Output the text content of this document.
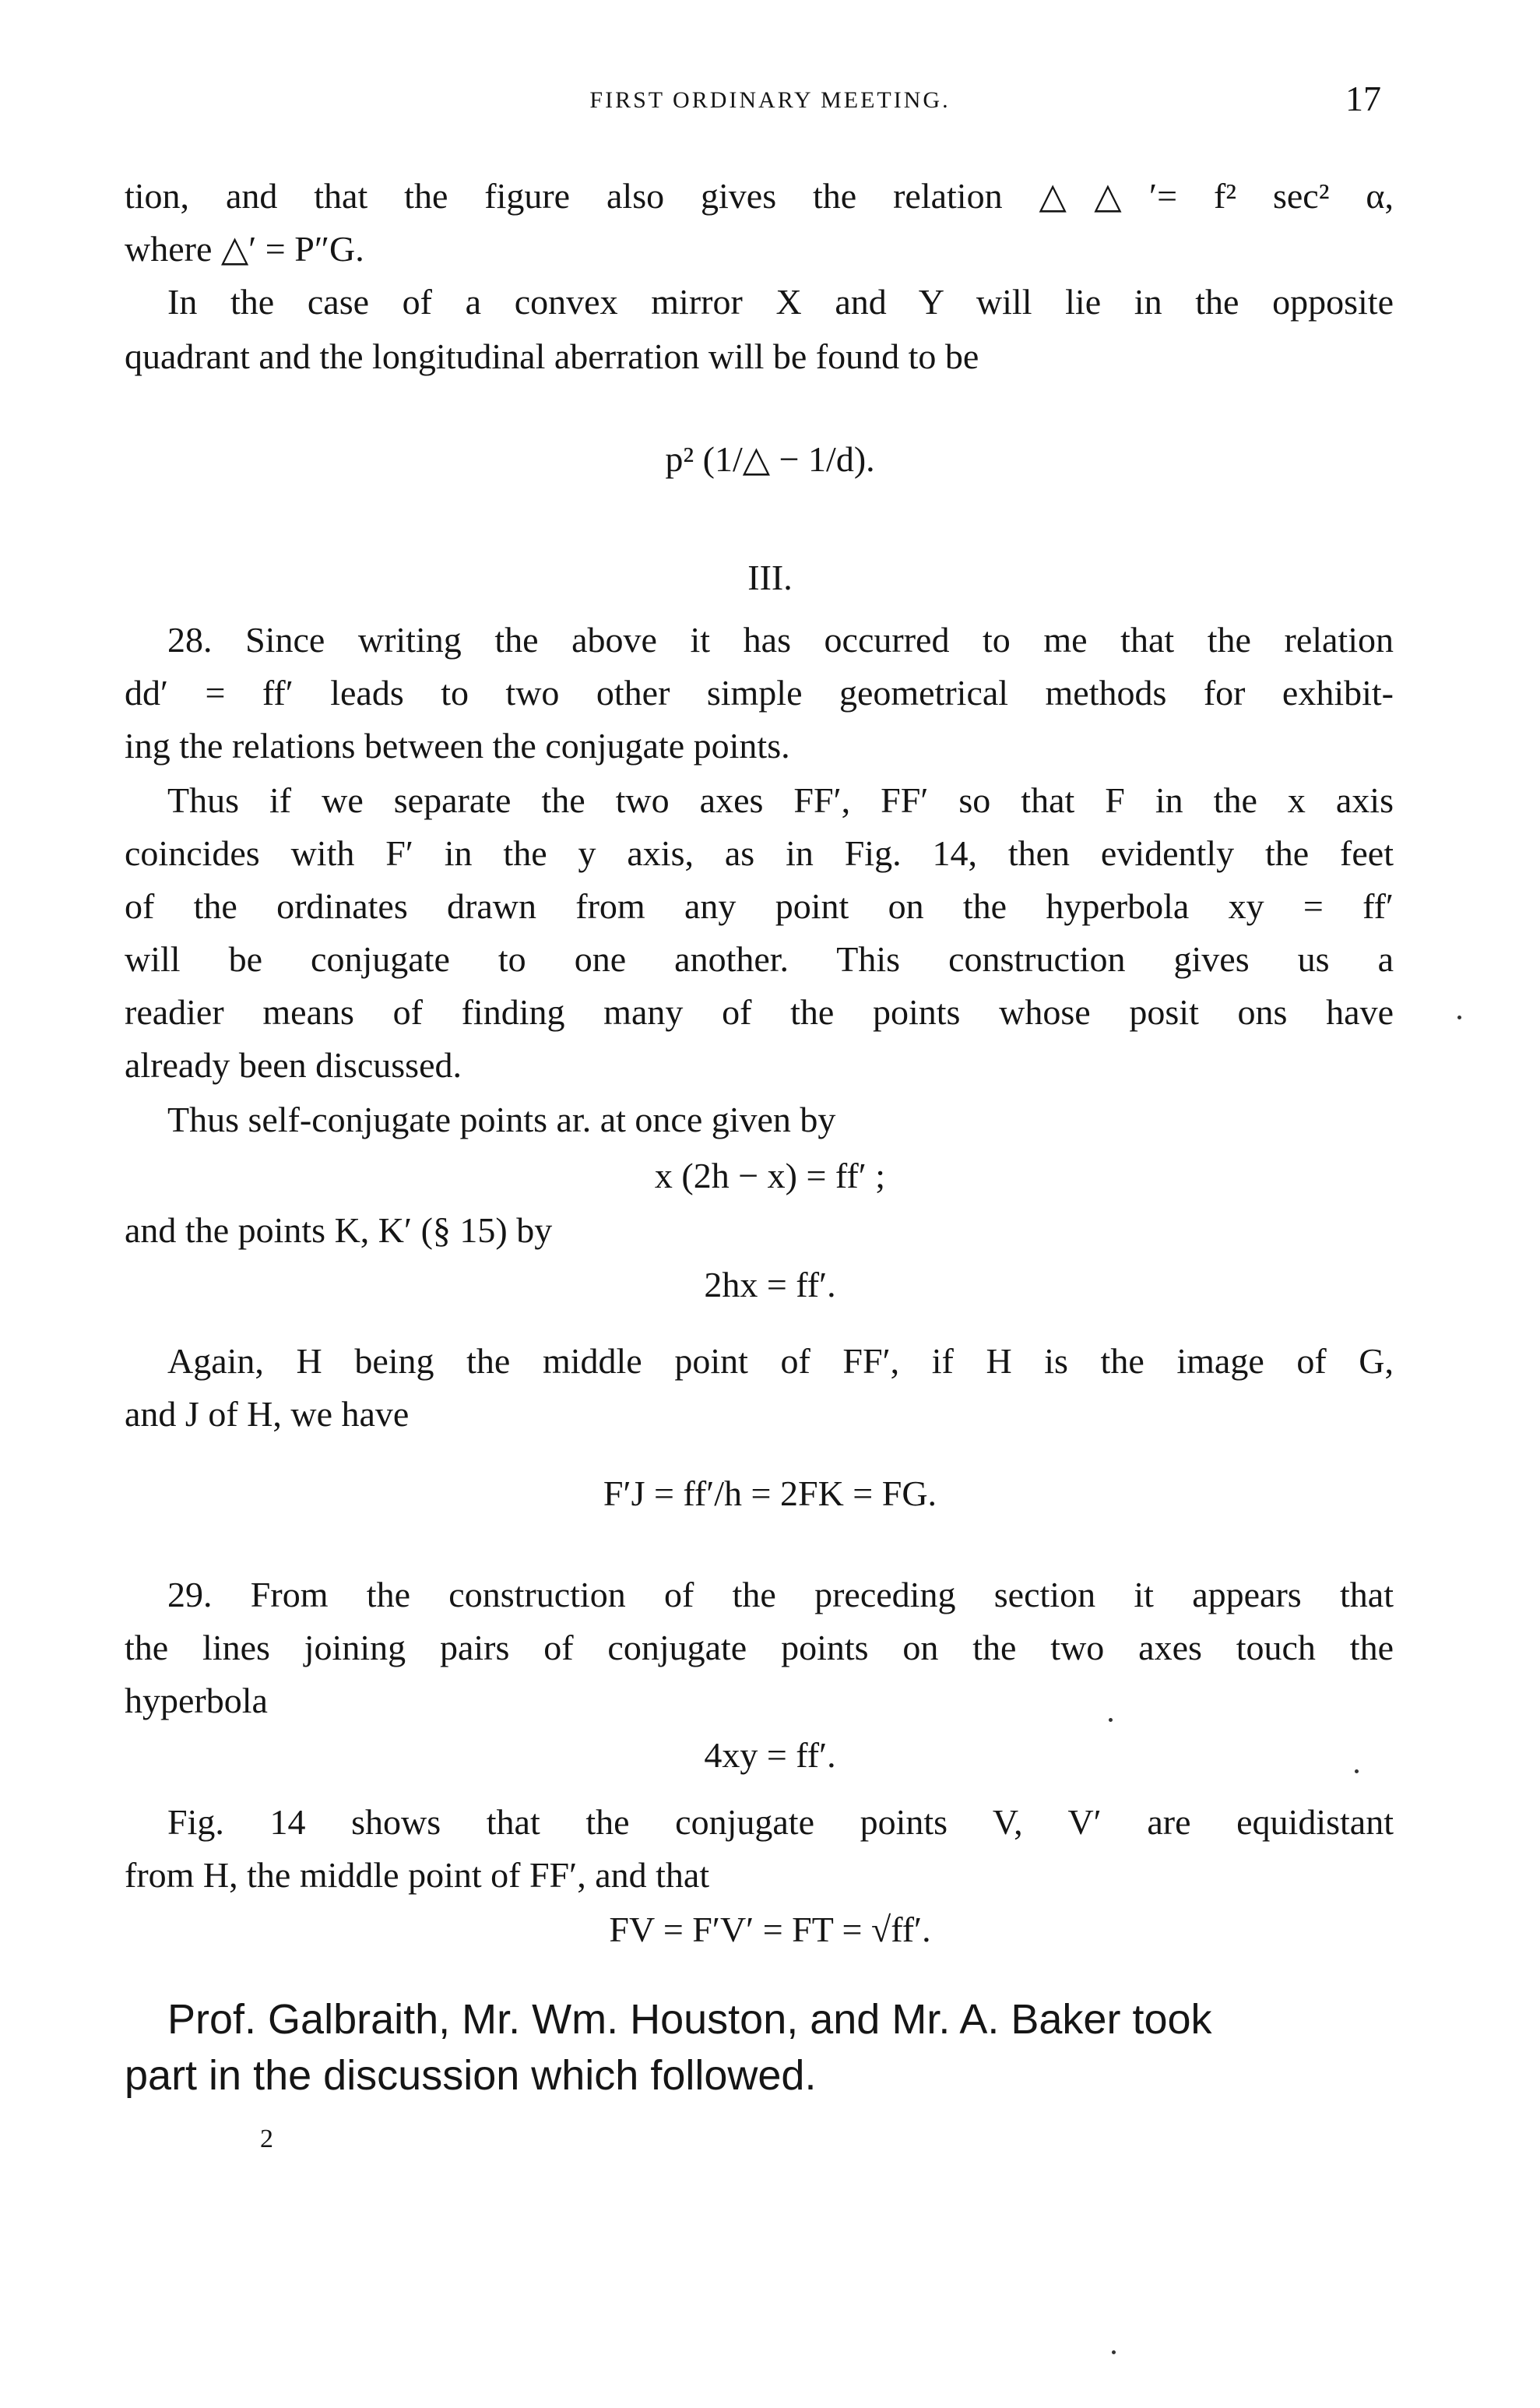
FIRST ORDINARY MEETING.	17
tion, and that the figure also gives the relation △△′= f² sec² α,
where △′ = P″G.
In the case of a convex mirror X and Y will lie in the opposite
quadrant and the longitudinal aberration will be found to be
p² (1/△ − 1/d).
III.
28. Since writing the above it has occurred to me that the relation
dd′ = ff′ leads to two other simple geometrical methods for exhibit-
ing the relations between the conjugate points.
Thus if we separate the two axes FF′, FF′ so that F in the x axis
coincides with F′ in the y axis, as in Fig. 14, then evidently the feet
of the ordinates drawn from any point on the hyperbola xy = ff′
will be conjugate to one another. This construction gives us a
readier means of finding many of the points whose posit ons have
already been discussed.
Thus self-conjugate points ar. at once given by
x (2h − x) = ff′ ;
and the points K, K′ (§ 15) by
2hx = ff′.
Again, H being the middle point of FF′, if H is the image of G,
and J of H, we have
F′J = ff′/h = 2FK = FG.
29. From the construction of the preceding section it appears that
the lines joining pairs of conjugate points on the two axes touch the
hyperbola
4xy = ff′.
Fig. 14 shows that the conjugate points V, V′ are equidistant
from H, the middle point of FF′, and that
FV = F′V′ = FT = √ff′.
Prof. Galbraith, Mr. Wm. Houston, and Mr. A. Baker took
part in the discussion which followed.
2
